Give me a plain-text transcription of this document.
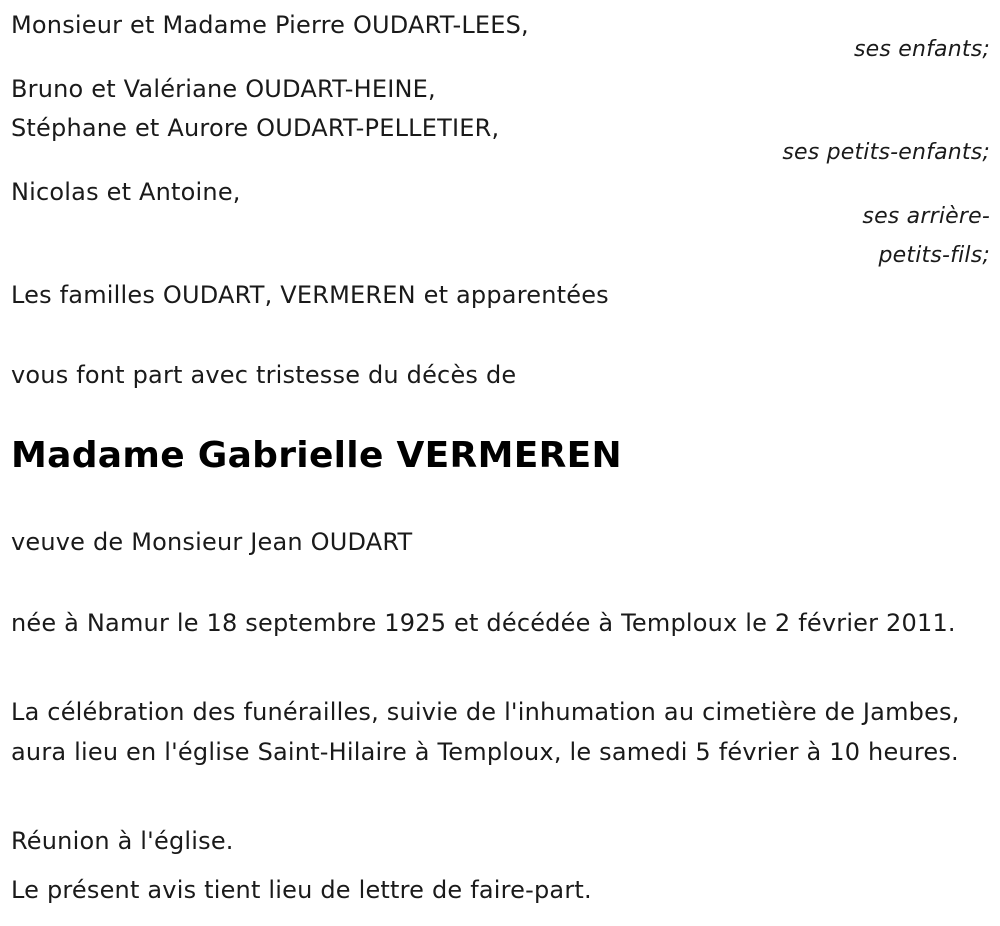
Monsieur et Madame Pierre OUDART-LEES,
ses enfants;
Bruno et Valériane OUDART-HEINE,
Stéphane et Aurore OUDART-PELLETIER,
ses petits-enfants;
Nicolas et Antoine,
ses arrière-
petits-fils;
Les familles OUDART, VERMEREN et apparentées
vous font part avec tristesse du décès de
Madame Gabrielle VERMEREN
veuve de Monsieur Jean OUDART
née à Namur le 18 septembre 1925 et décédée à Temploux le 2 février 2011.
La célébration des funérailles, suivie de l'inhumation au cimetière de Jambes, aura lieu en l'église Saint-Hilaire à Temploux, le samedi 5 février à 10 heures.
Réunion à l'église.
Le présent avis tient lieu de lettre de faire-part.
